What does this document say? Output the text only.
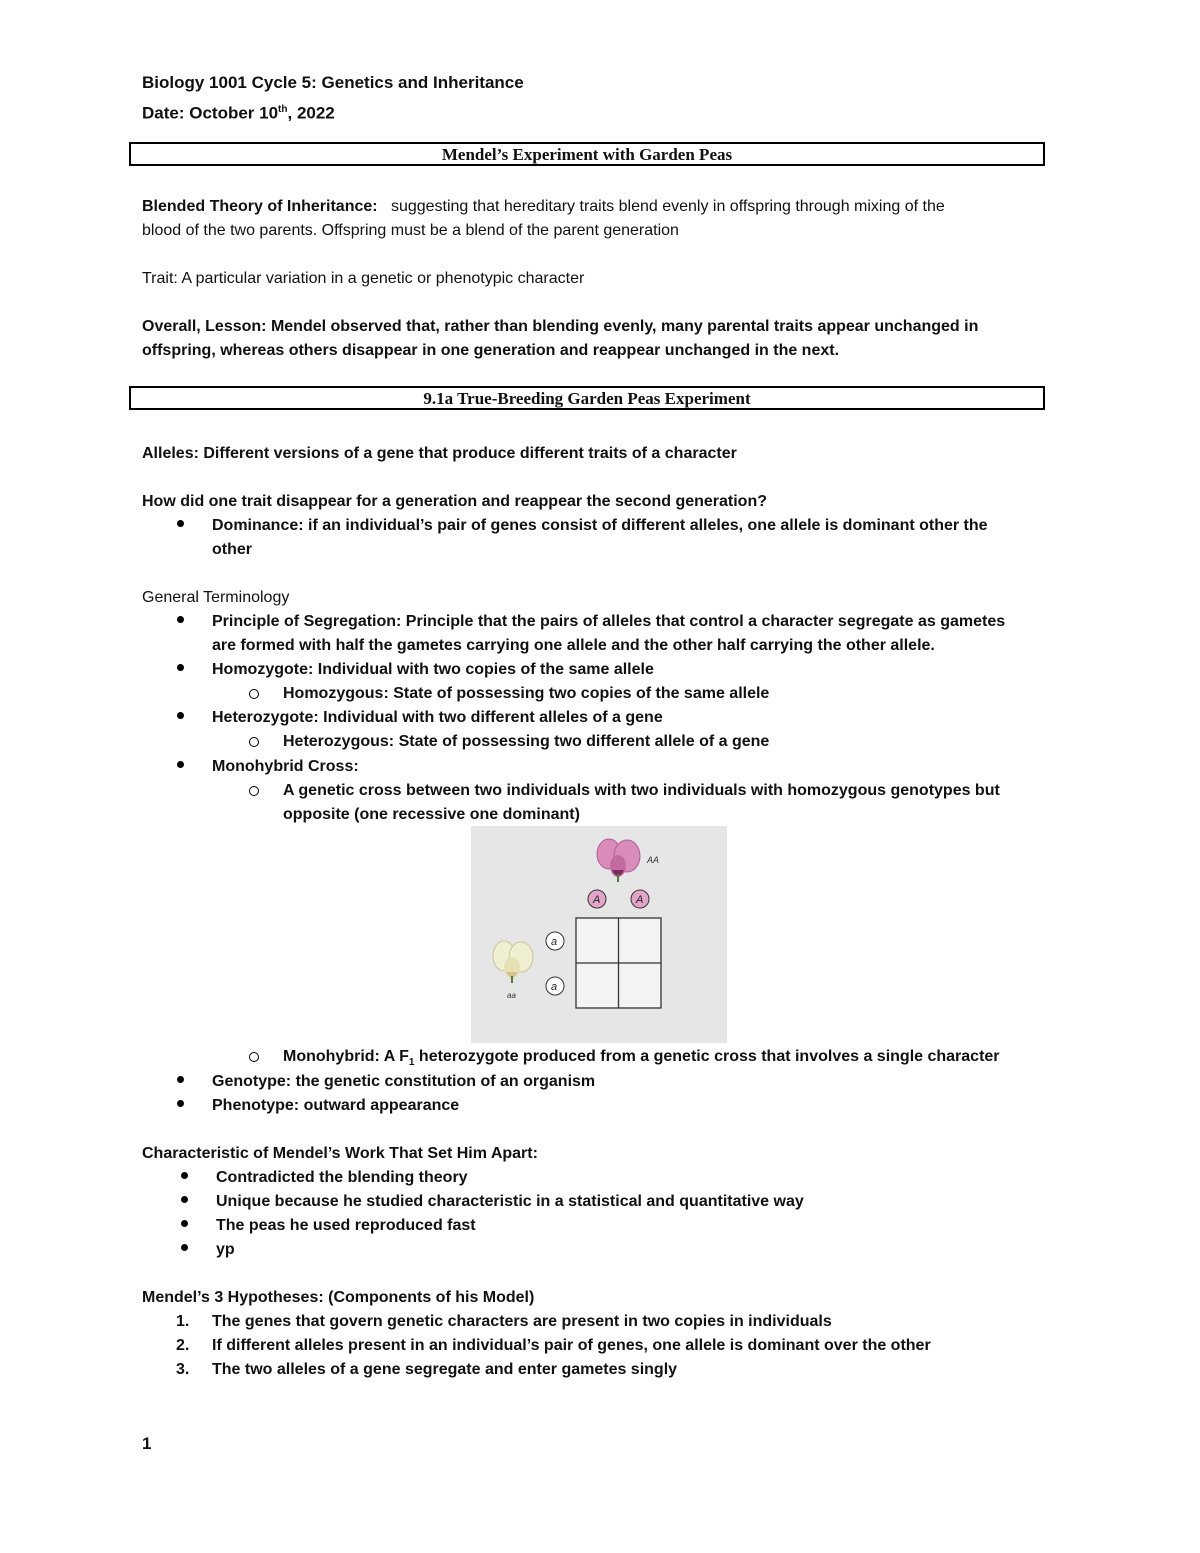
Biology 1001 Cycle 5: Genetics and Inheritance
Date: October 10th, 2022
Mendel’s Experiment with Garden Peas
Blended Theory of Inheritance: suggesting that hereditary traits blend evenly in offspring through mixing of the
blood of the two parents. Offspring must be a blend of the parent generation
Trait: A particular variation in a genetic or phenotypic character
Overall, Lesson: Mendel observed that, rather than blending evenly, many parental traits appear unchanged in
offspring, whereas others disappear in one generation and reappear unchanged in the next.
9.1a True-Breeding Garden Peas Experiment
Alleles: Different versions of a gene that produce different traits of a character
How did one trait disappear for a generation and reappear the second generation?
Dominance: if an individual’s pair of genes consist of different alleles, one allele is dominant other the
other
General Terminology
Principle of Segregation: Principle that the pairs of alleles that control a character segregate as gametes
are formed with half the gametes carrying one allele and the other half carrying the other allele.
Homozygote: Individual with two copies of the same allele
Homozygous: State of possessing two copies of the same allele
Heterozygote: Individual with two different alleles of a gene
Heterozygous: State of possessing two different allele of a gene
Monohybrid Cross:
A genetic cross between two individuals with two individuals with homozygous genotypes but
opposite (one recessive one dominant)
AA
A	A
a
a
aa
Monohybrid: A $F_1$ heterozygote produced from a genetic cross that involves a single character
Genotype: the genetic constitution of an organism
Phenotype: outward appearance
Characteristic of Mendel’s Work That Set Him Apart:
Contradicted the blending theory
Unique because he studied characteristic in a statistical and quantitative way
The peas he used reproduced fast
yp
Mendel’s 3 Hypotheses: (Components of his Model)
1. The genes that govern genetic characters are present in two copies in individuals
2. If different alleles present in an individual’s pair of genes, one allele is dominant over the other
3. The two alleles of a gene segregate and enter gametes singly
1
